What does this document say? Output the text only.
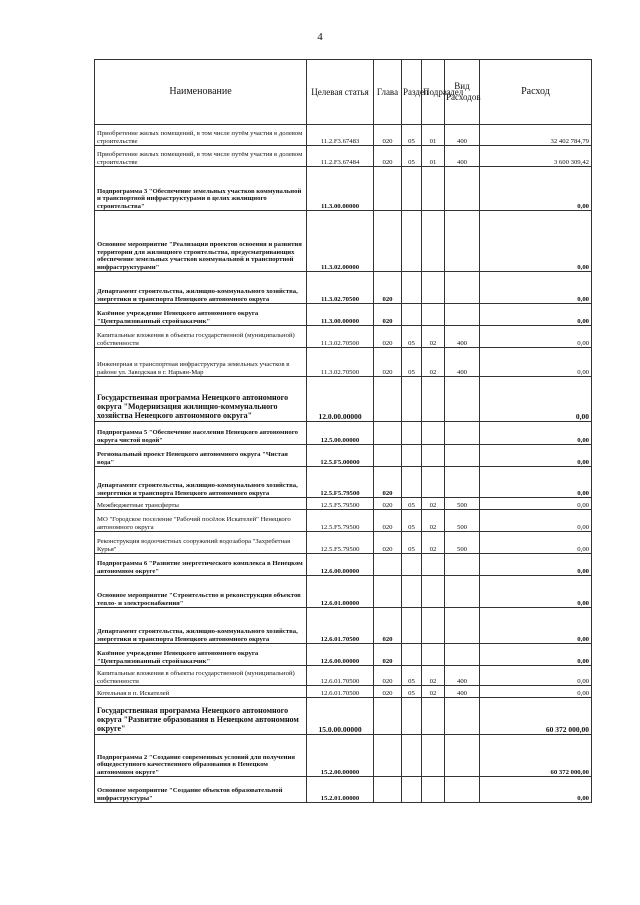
4
Наименование	Целевая статья	Глава	Раздел	Подраздел	Вид Расходов	Расход
Приобретение жилых помещений, в том числе путём участия в долевом строительстве	11.2.F3.67483	020	05	01	400	32 402 784,79
Приобретение жилых помещений, в том числе путём участия в долевом строительстве	11.2.F3.67484	020	05	01	400	3 600 309,42
Подпрограмма 3 "Обеспечение земельных участков коммунальной и транспортной инфраструктурами в целях жилищного строительства"	11.3.00.00000					0,00
Основное мероприятие "Реализация проектов освоения и развития территории для жилищного строительства, предусматривающих обеспечение земельных участков коммунальной и транспортной инфраструктурами"	11.3.02.00000					0,00
Департамент строительства, жилищно-коммунального хозяйства, энергетики и транспорта Ненецкого автономного округа	11.3.02.70500	020				0,00
Казённое учреждение Ненецкого автономного округа "Централизованный стройзаказчик"	11.3.00.00000	020				0,00
Капитальные вложения в объекты государственной (муниципальной) собственности	11.3.02.70500	020	05	02	400	0,00
Инженерная и транспортная инфраструктура земельных участков в районе ул. Заводская в г. Нарьян-Мар	11.3.02.70500	020	05	02	400	0,00
Государственная программа Ненецкого автономного округа "Модернизация жилищно-коммунального хозяйства Ненецкого автономного округа"	12.0.00.00000					0,00
Подпрограмма 5 "Обеспечение населения Ненецкого автономного округа чистой водой"	12.5.00.00000					0,00
Региональный проект Ненецкого автономного округа "Чистая вода"	12.5.F5.00000					0,00
Департамент строительства, жилищно-коммунального хозяйства, энергетики и транспорта Ненецкого автономного округа	12.5.F5.79500	020				0,00
Межбюджетные трансферты	12.5.F5.79500	020	05	02	500	0,00
МО "Городское поселение "Рабочий посёлок Искателей" Ненецкого автономного округа	12.5.F5.79500	020	05	02	500	0,00
Реконструкция водоочистных сооружений водозабора "Захребетная Курья"	12.5.F5.79500	020	05	02	500	0,00
Подпрограмма 6 "Развитие энергетического комплекса в Ненецком автономном округе"	12.6.00.00000					0,00
Основное мероприятие "Строительство и реконструкция объектов тепло- и электроснабжения"	12.6.01.00000					0,00
Департамент строительства, жилищно-коммунального хозяйства, энергетики и транспорта Ненецкого автономного округа	12.6.01.70500	020				0,00
Казённое учреждение Ненецкого автономного округа "Централизованный стройзаказчик"	12.6.00.00000	020				0,00
Капитальные вложения в объекты государственной (муниципальной) собственности	12.6.01.70500	020	05	02	400	0,00
Котельная в п. Искателей	12.6.01.70500	020	05	02	400	0,00
Государственная программа Ненецкого автономного округа "Развитие образования в Ненецком автономном округе"	15.0.00.00000					60 372 000,00
Подпрограмма 2 "Создание современных условий для получения общедоступного качественного образования в Ненецком автономном округе"	15.2.00.00000					60 372 000,00
Основное мероприятие "Создание объектов образовательной инфраструктуры"	15.2.01.00000					0,00
